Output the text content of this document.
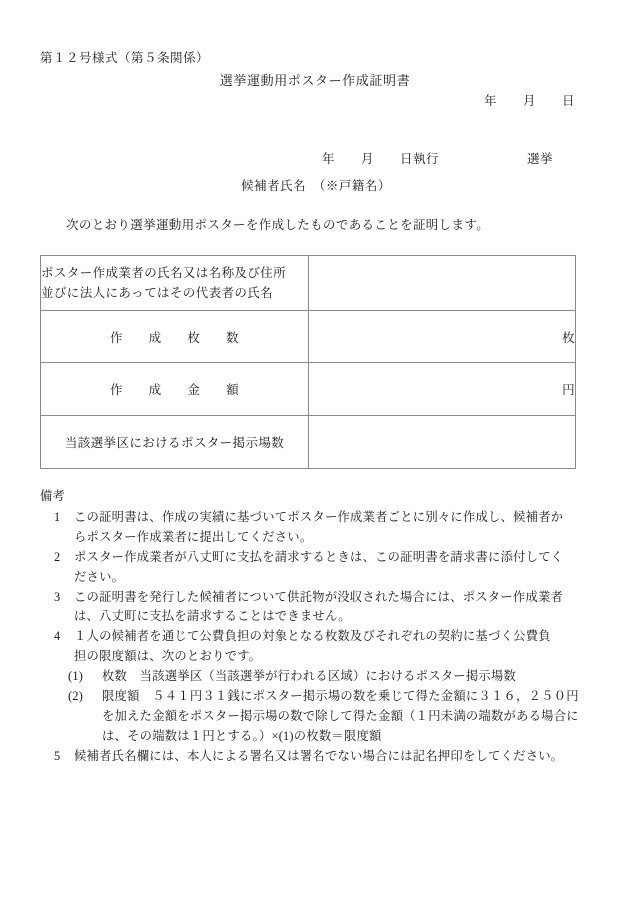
第１２号様式（第５条関係）
選挙運動用ポスター作成証明書
年　　月　　日
年　　月　　日執行	選挙
候補者氏名　（※戸籍名）
次のとおり選挙運動用ポスターを作成したものであることを証明します。
ポスター作成業者の氏名又は名称及び住所
並びに法人にあってはその代表者の氏名	

作　　成　　枚　　数	枚
作　　成　　金　　額	円
当該選挙区におけるポスター掲示場数	
備考
1 この証明書は、作成の実績に基づいてポスター作成業者ごとに別々に作成し、候補者か
らポスター作成業者に提出してください。
2 ポスター作成業者が八丈町に支払を請求するときは、この証明書を請求書に添付してく
ださい。
3 この証明書を発行した候補者について供託物が没収された場合には、ポスター作成業者
は、八丈町に支払を請求することはできません。
4 １人の候補者を通じて公費負担の対象となる枚数及びそれぞれの契約に基づく公費負
担の限度額は、次のとおりです。
(1) 枚数　当該選挙区（当該選挙が行われる区域）におけるポスター掲示場数
(2) 限度額　５４１円３１銭にポスター掲示場の数を乗じて得た金額に３１６，２５０円
を加えた金額をポスター掲示場の数で除して得た金額（１円未満の端数がある場合に
は、その端数は１円とする。）×(1)の枚数＝限度額
5 候補者氏名欄には、本人による署名又は署名でない場合には記名押印をしてください。
